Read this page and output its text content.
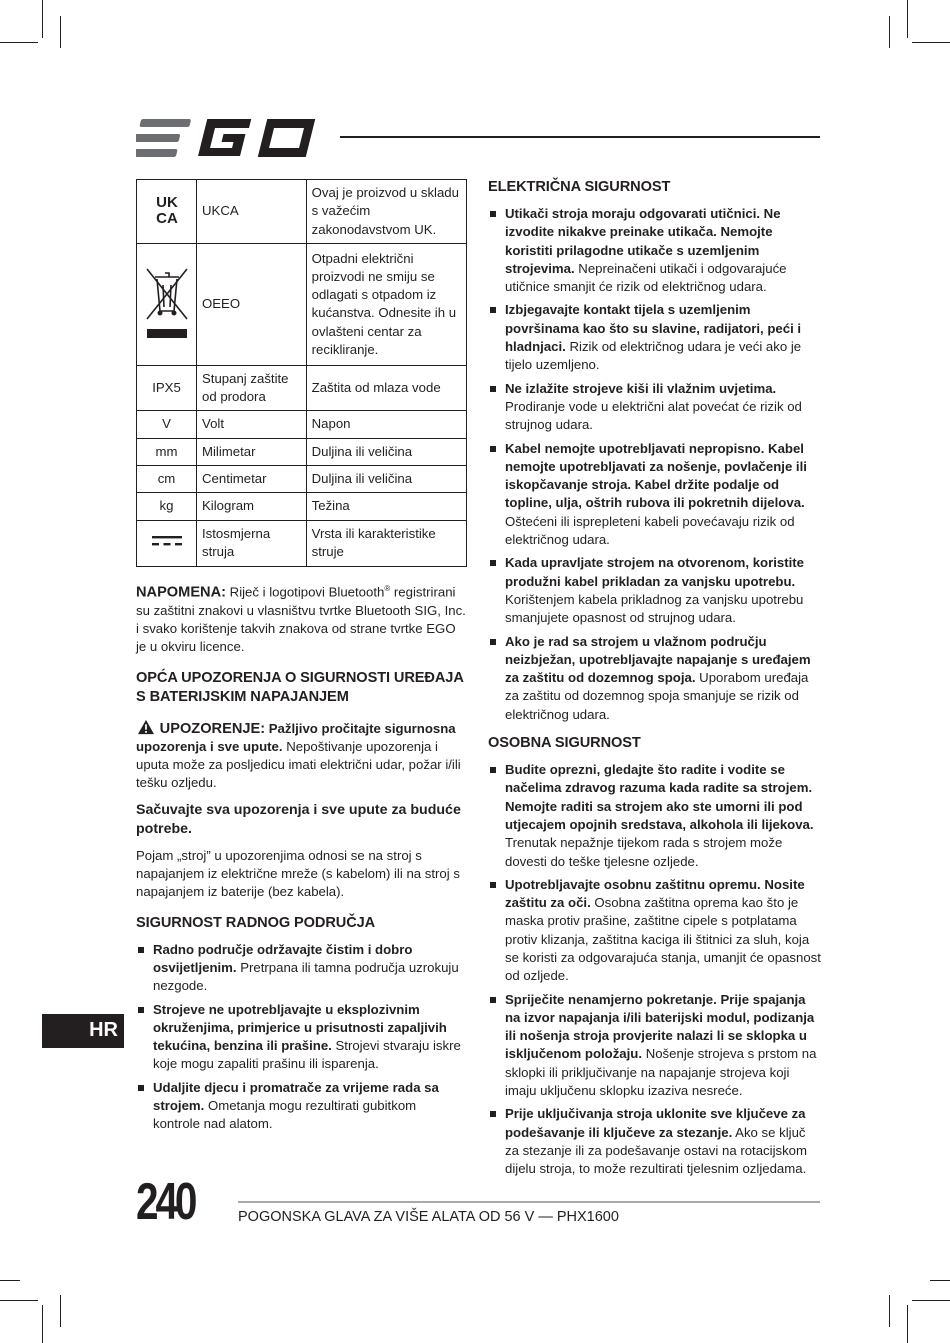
UK
CA	UKCA	Ovaj je proizvod u skladu s važećim zakonodavstvom UK.
	OEEO	Otpadni električni proizvodi ne smiju se odlagati s otpadom iz kućanstva. Odnesite ih u ovlašteni centar za recikliranje.
IPX5	Stupanj zaštite od prodora	Zaštita od mlaza vode
V	Volt	Napon
mm	Milimetar	Duljina ili veličina
cm	Centimetar	Duljina ili veličina
kg	Kilogram	Težina
	Istosmjerna struja	Vrsta ili karakteristike struje

NAPOMENA: Riječ i logotipovi Bluetooth® registrirani su zaštitni znakovi u vlasništvu tvrtke Bluetooth SIG, Inc. i svako korištenje takvih znakova od strane tvrtke EGO je u okviru licence.

OPĆA UPOZORENJA O SIGURNOSTI UREĐAJA S BATERIJSKIM NAPAJANJEM

UPOZORENJE: Pažljivo pročitajte sigurnosna upozorenja i sve upute. Nepoštivanje upozorenja i uputa može za posljedicu imati električni udar, požar i/ili tešku ozljedu.

Sačuvajte sva upozorenja i sve upute za buduće potrebe.

Pojam „stroj” u upozorenjima odnosi se na stroj s napajanjem iz električne mreže (s kabelom) ili na stroj s napajanjem iz baterije (bez kabela).

SIGURNOST RADNOG PODRUČJA

Radno područje održavajte čistim i dobro osvijetljenim. Pretrpana ili tamna područja uzrokuju nezgode.
Strojeve ne upotrebljavajte u eksplozivnim okruženjima, primjerice u prisutnosti zapaljivih tekućina, benzina ili prašine. Strojevi stvaraju iskre koje mogu zapaliti prašinu ili isparenja.
Udaljite djecu i promatrače za vrijeme rada sa strojem. Ometanja mogu rezultirati gubitkom kontrole nad alatom.

ELEKTRIČNA SIGURNOST

Utikači stroja moraju odgovarati utičnici. Ne izvodite nikakve preinake utikača. Nemojte koristiti prilagodne utikače s uzemljenim strojevima. Nepreinačeni utikači i odgovarajuće utičnice smanjit će rizik od električnog udara.
Izbjegavajte kontakt tijela s uzemljenim površinama kao što su slavine, radijatori, peći i hladnjaci. Rizik od električnog udara je veći ako je tijelo uzemljeno.
Ne izlažite strojeve kiši ili vlažnim uvjetima. Prodiranje vode u električni alat povećat će rizik od strujnog udara.
Kabel nemojte upotrebljavati nepropisno. Kabel nemojte upotrebljavati za nošenje, povlačenje ili iskopčavanje stroja. Kabel držite podalje od topline, ulja, oštrih rubova ili pokretnih dijelova. Oštećeni ili isprepleteni kabeli povećavaju rizik od električnog udara.
Kada upravljate strojem na otvorenom, koristite produžni kabel prikladan za vanjsku upotrebu. Korištenjem kabela prikladnog za vanjsku upotrebu smanjujete opasnost od strujnog udara.
Ako je rad sa strojem u vlažnom području neizbježan, upotrebljavajte napajanje s uređajem za zaštitu od dozemnog spoja. Uporabom uređaja za zaštitu od dozemnog spoja smanjuje se rizik od električnog udara.

OSOBNA SIGURNOST

Budite oprezni, gledajte što radite i vodite se načelima zdravog razuma kada radite sa strojem. Nemojte raditi sa strojem ako ste umorni ili pod utjecajem opojnih sredstava, alkohola ili lijekova. Trenutak nepažnje tijekom rada s strojem može dovesti do teške tjelesne ozljede.
Upotrebljavajte osobnu zaštitnu opremu. Nosite zaštitu za oči. Osobna zaštitna oprema kao što je maska protiv prašine, zaštitne cipele s potplatama protiv klizanja, zaštitna kaciga ili štitnici za sluh, koja se koristi za odgovarajuća stanja, umanjit će opasnost od ozljede.
Spriječite nenamjerno pokretanje. Prije spajanja na izvor napajanja i/ili baterijski modul, podizanja ili nošenja stroja provjerite nalazi li se sklopka u isključenom položaju. Nošenje strojeva s prstom na sklopki ili priključivanje na napajanje strojeva koji imaju uključenu sklopku izaziva nesreće.
Prije uključivanja stroja uklonite sve ključeve za podešavanje ili ključeve za stezanje. Ako se ključ za stezanje ili za podešavanje ostavi na rotacijskom dijelu stroja, to može rezultirati tjelesnim ozljedama.
HR
240	POGONSKA GLAVA ZA VIŠE ALATA OD 56 V — PHX1600
